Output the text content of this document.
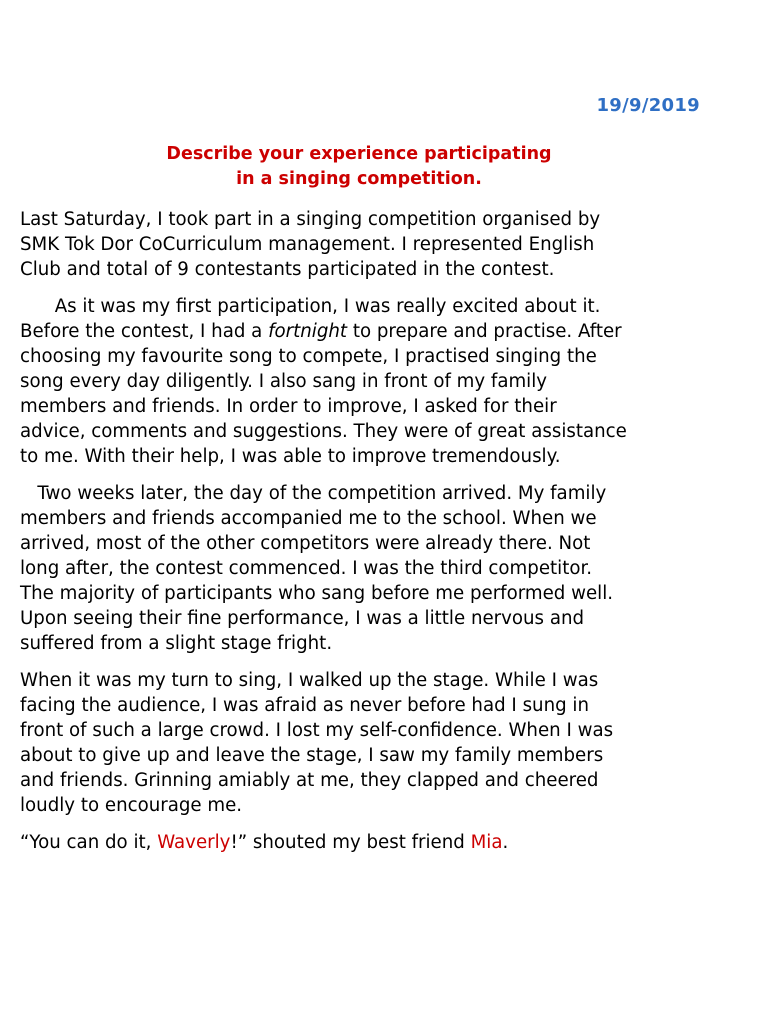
19/9/2019
Describe your experience participating
in a singing competition.

Last Saturday, I took part in a singing competition organised by
SMK Tok Dor CoCurriculum management. I represented English
Club and total of 9 contestants participated in the contest.

As it was my first participation, I was really excited about it.
Before the contest, I had a fortnight to prepare and practise. After
choosing my favourite song to compete, I practised singing the
song every day diligently. I also sang in front of my family
members and friends. In order to improve, I asked for their
advice, comments and suggestions. They were of great assistance
to me. With their help, I was able to improve tremendously.

Two weeks later, the day of the competition arrived. My family
members and friends accompanied me to the school. When we
arrived, most of the other competitors were already there. Not
long after, the contest commenced. I was the third competitor.
The majority of participants who sang before me performed well.
Upon seeing their fine performance, I was a little nervous and
suffered from a slight stage fright.

When it was my turn to sing, I walked up the stage. While I was
facing the audience, I was afraid as never before had I sung in
front of such a large crowd. I lost my self-confidence. When I was
about to give up and leave the stage, I saw my family members
and friends. Grinning amiably at me, they clapped and cheered
loudly to encourage me.

“You can do it, Waverly!” shouted my best friend Mia.
